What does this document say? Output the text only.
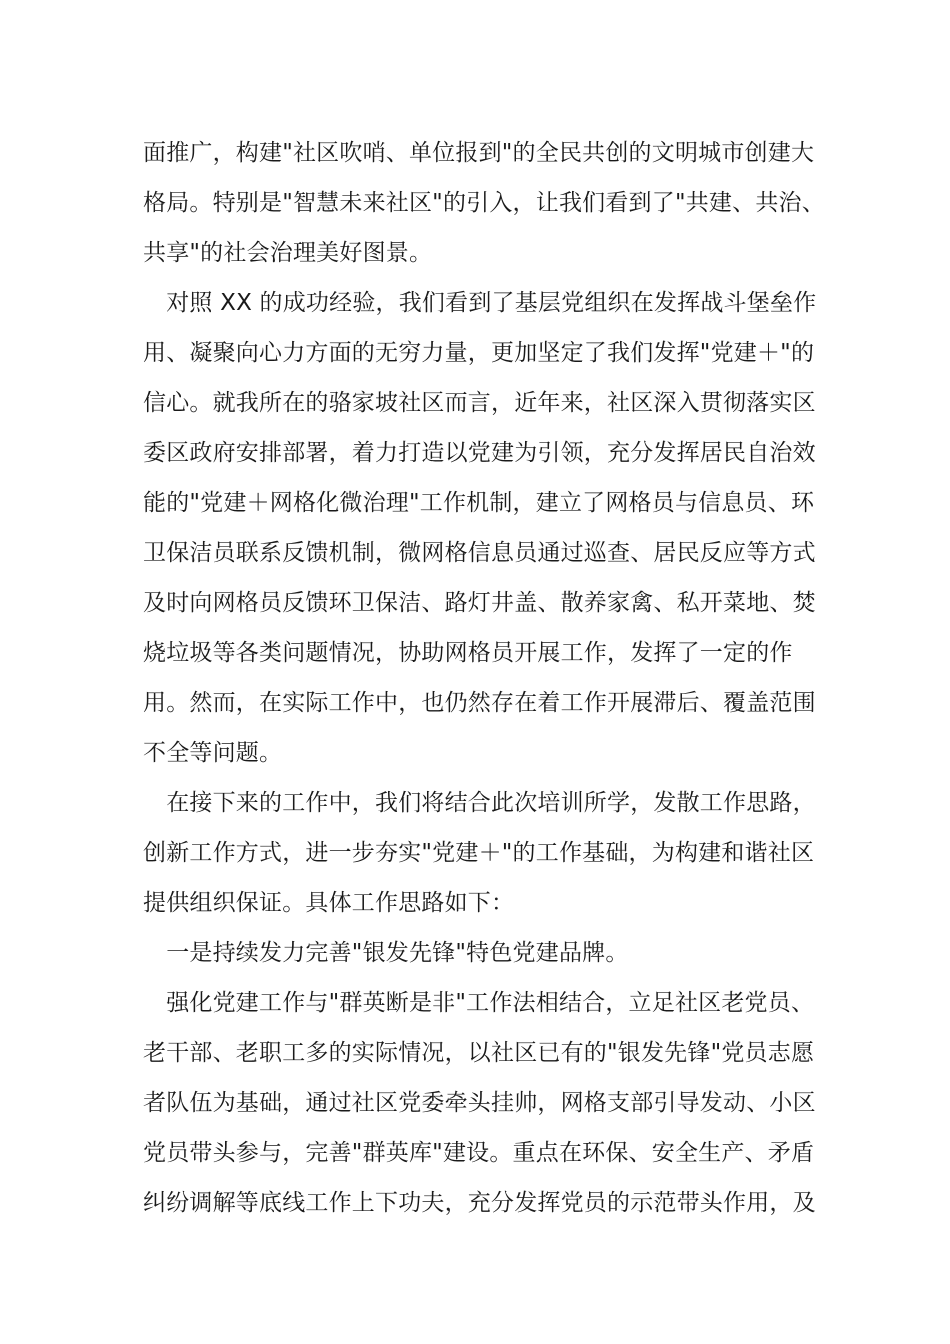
面推广，构建"社区吹哨、单位报到"的全民共创的文明城市创建大
格局。特别是"智慧未来社区"的引入，让我们看到了"共建、共治、
共享"的社会治理美好图景。
　对照 XX 的成功经验，我们看到了基层党组织在发挥战斗堡垒作
用、凝聚向心力方面的无穷力量，更加坚定了我们发挥"党建＋"的
信心。就我所在的骆家坡社区而言，近年来，社区深入贯彻落实区
委区政府安排部署，着力打造以党建为引领，充分发挥居民自治效
能的"党建＋网格化微治理"工作机制，建立了网格员与信息员、环
卫保洁员联系反馈机制，微网格信息员通过巡查、居民反应等方式
及时向网格员反馈环卫保洁、路灯井盖、散养家禽、私开菜地、焚
烧垃圾等各类问题情况，协助网格员开展工作，发挥了一定的作
用。然而，在实际工作中，也仍然存在着工作开展滞后、覆盖范围
不全等问题。
　在接下来的工作中，我们将结合此次培训所学，发散工作思路，
创新工作方式，进一步夯实"党建＋"的工作基础，为构建和谐社区
提供组织保证。具体工作思路如下：
　一是持续发力完善"银发先锋"特色党建品牌。
　强化党建工作与"群英断是非"工作法相结合，立足社区老党员、
老干部、老职工多的实际情况，以社区已有的"银发先锋"党员志愿
者队伍为基础，通过社区党委牵头挂帅，网格支部引导发动、小区
党员带头参与，完善"群英库"建设。重点在环保、安全生产、矛盾
纠纷调解等底线工作上下功夫，充分发挥党员的示范带头作用，及
